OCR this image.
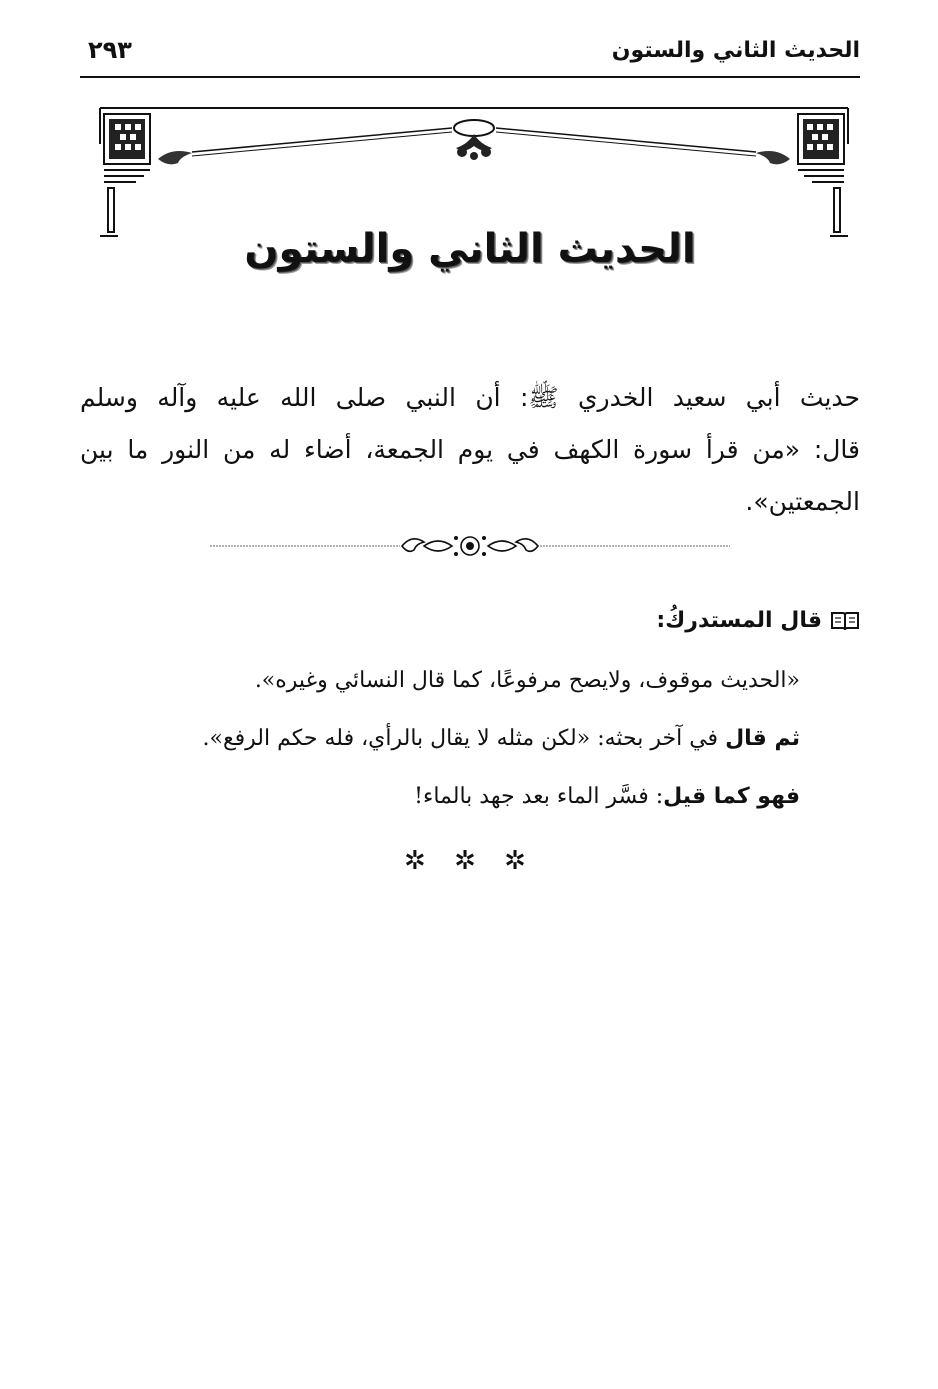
الحديث الثاني والستون
٢٩٣
الحديث الثاني والستون
حديث أبي سعيد الخدري ﷺ: أن النبي صلى الله عليه وآله وسلم
قال: «من قرأ سورة الكهف في يوم الجمعة، أضاء له من النور ما بين
الجمعتين».
قال المستدركُ:
«الحديث موقوف، ولايصح مرفوعًا، كما قال النسائي وغيره».
ثم قال في آخر بحثه: «لكن مثله لا يقال بالرأي، فله حكم الرفع».
فهو كما قيل: فسَّر الماء بعد جهد بالماء!
✲ ✲ ✲
